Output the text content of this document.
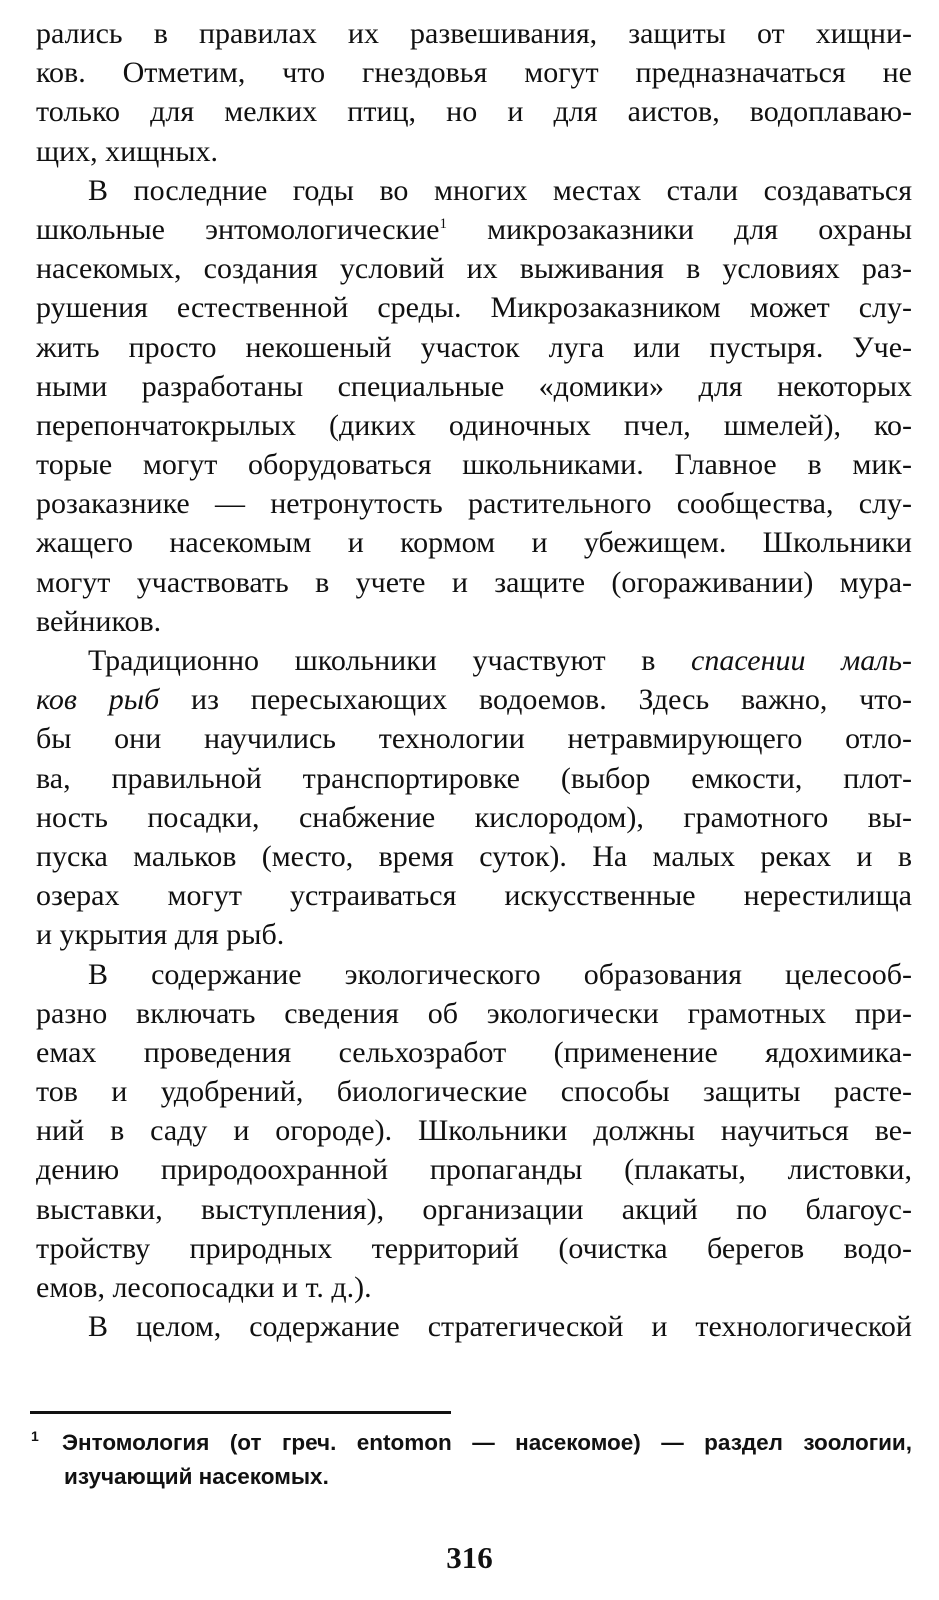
рались в правилах их развешивания, защиты от хищни-
ков. Отметим, что гнездовья могут предназначаться не
только для мелких птиц, но и для аистов, водоплаваю-
щих, хищных.
В последние годы во многих местах стали создаваться
школьные энтомологические$^1$ микрозаказники для охраны
насекомых, создания условий их выживания в условиях раз-
рушения естественной среды. Микрозаказником может слу-
жить просто некошеный участок луга или пустыря. Уче-
ными разработаны специальные «домики» для некоторых
перепончатокрылых (диких одиночных пчел, шмелей), ко-
торые могут оборудоваться школьниками. Главное в мик-
розаказнике — нетронутость растительного сообщества, слу-
жащего насекомым и кормом и убежищем. Школьники
могут участвовать в учете и защите (огораживании) мура-
вейников.
Традиционно школьники участвуют в спасении маль-
ков рыб из пересыхающих водоемов. Здесь важно, что-
бы они научились технологии нетравмирующего отло-
ва, правильной транспортировке (выбор емкости, плот-
ность посадки, снабжение кислородом), грамотного вы-
пуска мальков (место, время суток). На малых реках и в
озерах могут устраиваться искусственные нерестилища
и укрытия для рыб.
В содержание экологического образования целесооб-
разно включать сведения об экологически грамотных при-
емах проведения сельхозработ (применение ядохимика-
тов и удобрений, биологические способы защиты расте-
ний в саду и огороде). Школьники должны научиться ве-
дению природоохранной пропаганды (плакаты, листовки,
выставки, выступления), организации акций по благоус-
тройству природных территорий (очистка берегов водо-
емов, лесопосадки и т. д.).
В целом, содержание стратегической и технологической
1	Энтомология (от греч. entomon — насекомое) — раздел зоологии,
изучающий насекомых.
316
